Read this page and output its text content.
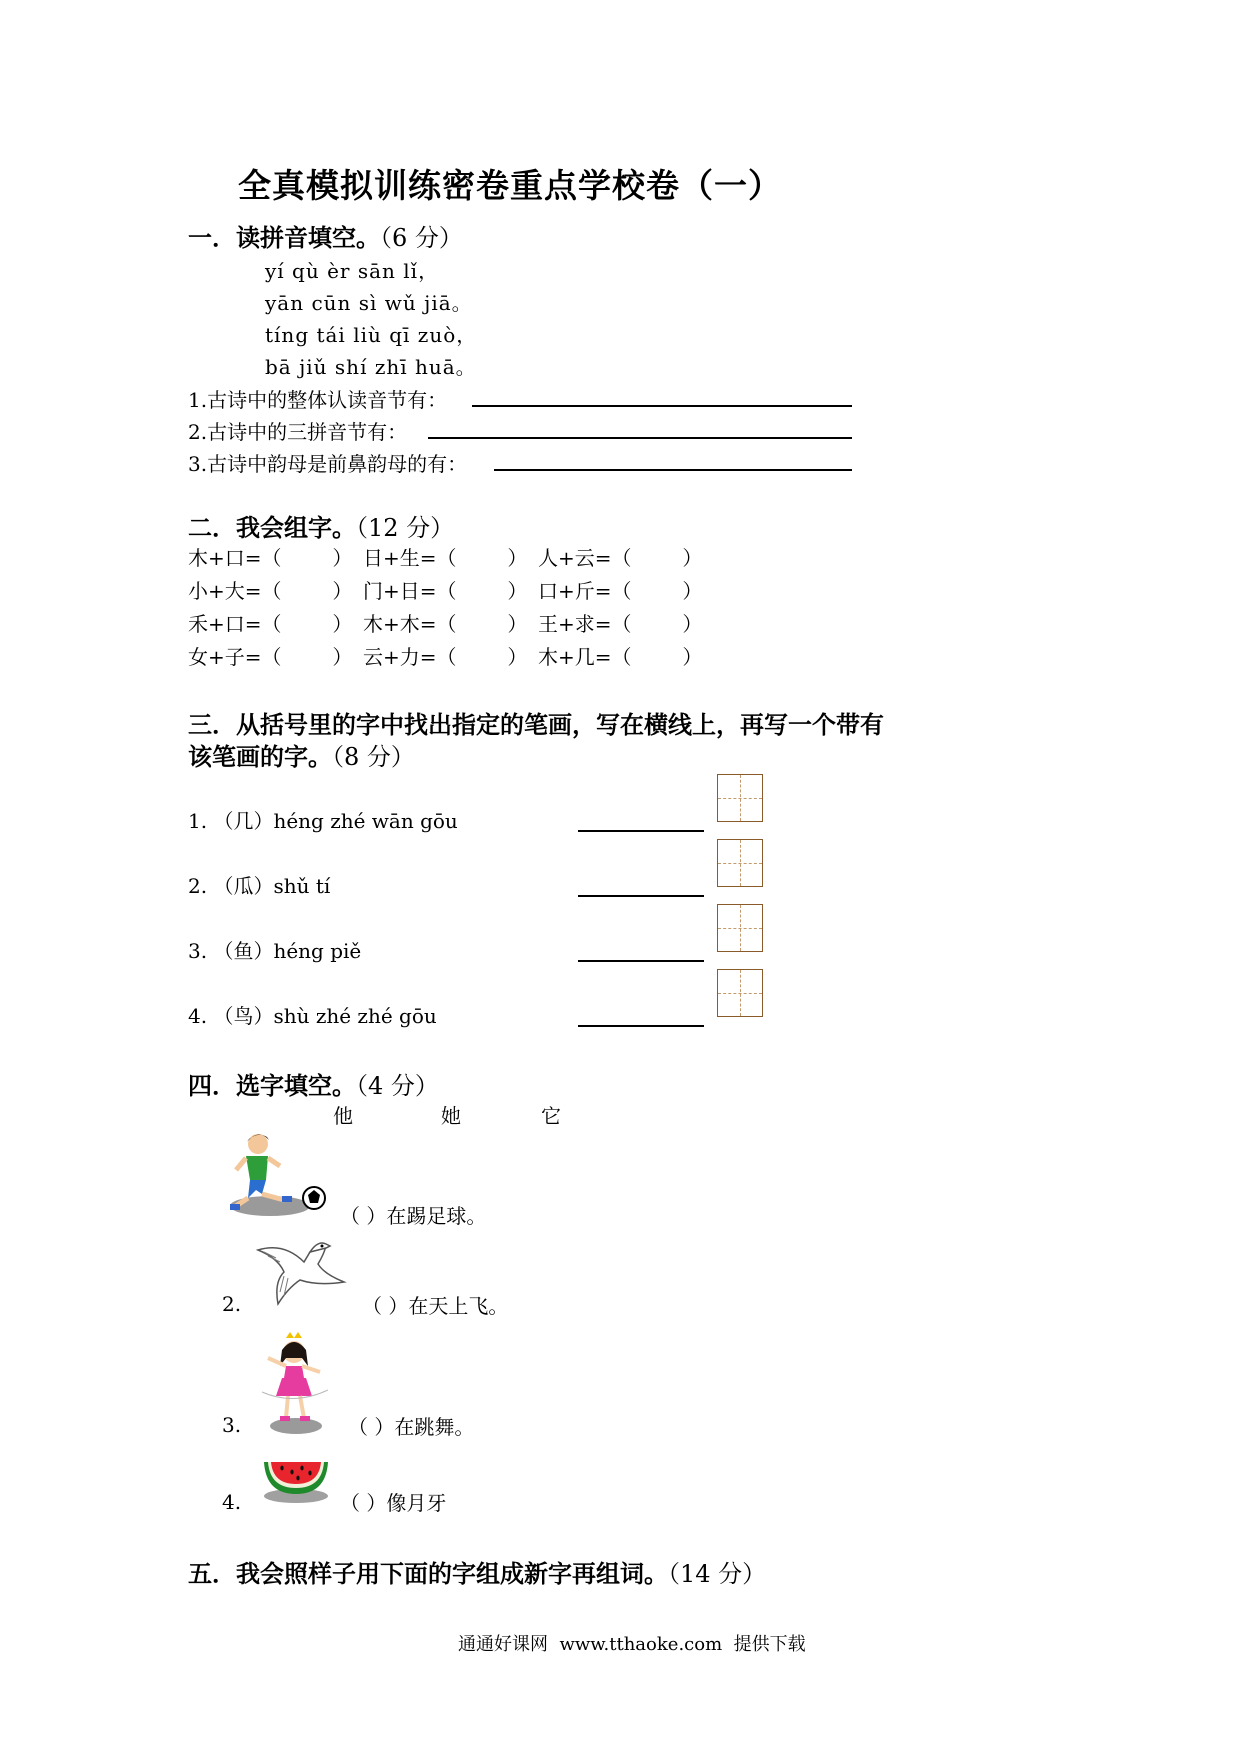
全真模拟训练密卷重点学校卷（一）
一．读拼音填空。（6 分）
yí qù èr sān lǐ，
yān cūn sì wǔ jiā。
tíng tái liù qī zuò，
bā jiǔ shí zhī huā。
1.古诗中的整体认读音节有：
2.古诗中的三拼音节有：
3.古诗中韵母是前鼻韵母的有：
二．我会组字。（12 分）
木+口=（        ） 日+生=（        ） 人+云=（        ）
小+大=（        ） 门+日=（        ） 口+斤=（        ）
禾+口=（        ） 木+木=（        ） 王+求=（        ）
女+子=（        ） 云+力=（        ） 木+几=（        ）
三．从括号里的字中找出指定的笔画，写在横线上，再写一个带有
该笔画的字。（8 分）
1. （几）héng zhé wān gōu
2. （瓜）shǔ tí
3. （鱼）héng piě
4. （鸟）shù zhé zhé gōu
四．选字填空。（4 分）
他	她	它
（ ）在踢足球。
2.	（ ）在天上飞。
3.	（ ）在跳舞。
4.	（ ）像月牙
五．我会照样子用下面的字组成新字再组词。（14 分）
通通好课网  www.tthaoke.com  提供下载
